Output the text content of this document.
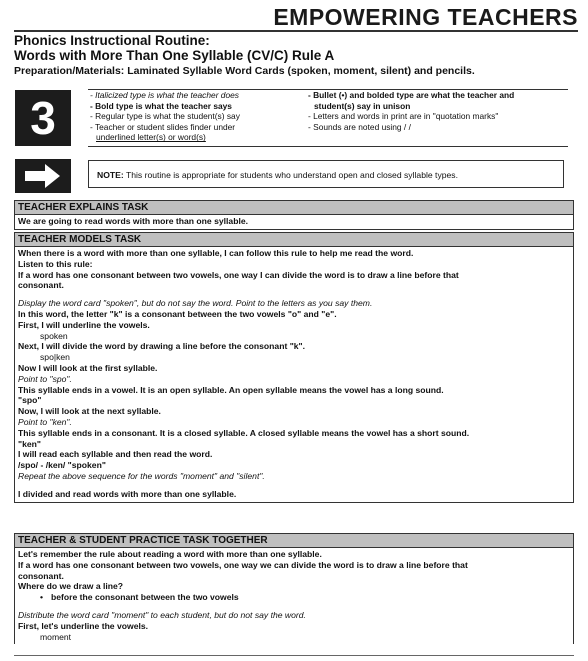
EMPOWERING TEACHERS
Phonics Instructional Routine:
Words with More Than One Syllable (CV/C) Rule A
Preparation/Materials: Laminated Syllable Word Cards (spoken, moment, silent) and pencils.
3	- Italicized type is what the teacher does
- Bold type is what the teacher says
- Regular type is what the student(s) say
- Teacher or student slides finder under
underlined letter(s) or word(s)
- Bullet (•) and bolded type are what the teacher and
student(s) say in unison
- Letters and words in print are in "quotation marks"
- Sounds are noted using / /
NOTE: This routine is appropriate for students who understand open and closed syllable types.
TEACHER EXPLAINS TASK
We are going to read words with more than one syllable.
TEACHER MODELS TASK
When there is a word with more than one syllable, I can follow this rule to help me read the word.
Listen to this rule:
If a word has one consonant between two vowels, one way I can divide the word is to draw a line before that
consonant.
Display the word card "spoken", but do not say the word. Point to the letters as you say them.
In this word, the letter "k" is a consonant between the two vowels "o" and "e".
First, I will underline the vowels.
spoken
Next, I will divide the word by drawing a line before the consonant "k".
spo|ken
Now I will look at the first syllable.
Point to "spo".
This syllable ends in a vowel. It is an open syllable. An open syllable means the vowel has a long sound.
"spo"
Now, I will look at the next syllable.
Point to "ken".
This syllable ends in a consonant. It is a closed syllable. A closed syllable means the vowel has a short sound.
"ken"
I will read each syllable and then read the word.
/spo/ - /ken/ "spoken"
Repeat the above sequence for the words "moment" and "silent".
I divided and read words with more than one syllable.
TEACHER & STUDENT PRACTICE TASK TOGETHER
Let's remember the rule about reading a word with more than one syllable.
If a word has one consonant between two vowels, one way we can divide the word is to draw a line before that
consonant.
Where do we draw a line?
• before the consonant between the two vowels
Distribute the word card "moment" to each student, but do not say the word.
First, let's underline the vowels.
moment
